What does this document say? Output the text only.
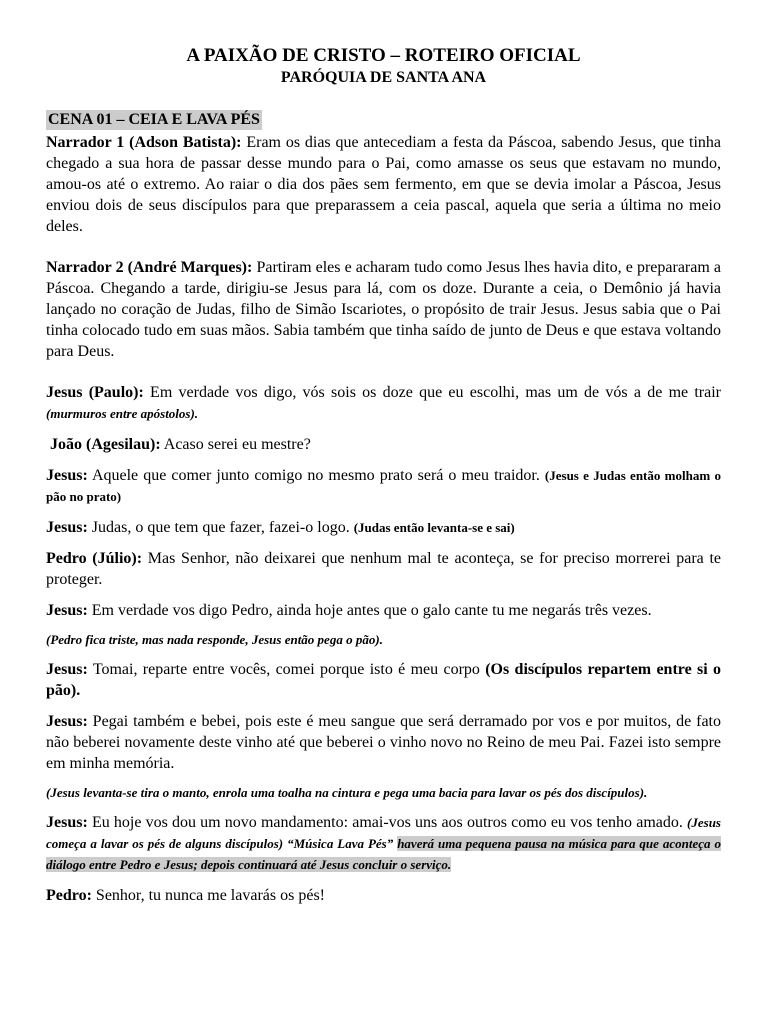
A PAIXÃO DE CRISTO – ROTEIRO OFICIAL
PARÓQUIA DE SANTA ANA
CENA 01 – CEIA E LAVA PÉS

Narrador 1 (Adson Batista): Eram os dias que antecediam a festa da Páscoa, sabendo Jesus, que tinha chegado a sua hora de passar desse mundo para o Pai, como amasse os seus que estavam no mundo, amou-os até o extremo. Ao raiar o dia dos pães sem fermento, em que se devia imolar a Páscoa, Jesus enviou dois de seus discípulos para que preparassem a ceia pascal, aquela que seria a última no meio deles.

Narrador 2 (André Marques): Partiram eles e acharam tudo como Jesus lhes havia dito, e prepararam a Páscoa. Chegando a tarde, dirigiu-se Jesus para lá, com os doze. Durante a ceia, o Demônio já havia lançado no coração de Judas, filho de Simão Iscariotes, o propósito de trair Jesus. Jesus sabia que o Pai tinha colocado tudo em suas mãos. Sabia também que tinha saído de junto de Deus e que estava voltando para Deus.

Jesus (Paulo): Em verdade vos digo, vós sois os doze que eu escolhi, mas um de vós a de me trair (murmuros entre apóstolos).

João (Agesilau): Acaso serei eu mestre?

Jesus: Aquele que comer junto comigo no mesmo prato será o meu traidor. (Jesus e Judas então molham o pão no prato)

Jesus: Judas, o que tem que fazer, fazei-o logo. (Judas então levanta-se e sai)

Pedro (Júlio): Mas Senhor, não deixarei que nenhum mal te aconteça, se for preciso morrerei para te proteger.

Jesus: Em verdade vos digo Pedro, ainda hoje antes que o galo cante tu me negarás três vezes.

(Pedro fica triste, mas nada responde, Jesus então pega o pão).

Jesus: Tomai, reparte entre vocês, comei porque isto é meu corpo (Os discípulos repartem entre si o pão).

Jesus: Pegai também e bebei, pois este é meu sangue que será derramado por vos e por muitos, de fato não beberei novamente deste vinho até que beberei o vinho novo no Reino de meu Pai. Fazei isto sempre em minha memória.

(Jesus levanta-se tira o manto, enrola uma toalha na cintura e pega uma bacia para lavar os pés dos discípulos).

Jesus: Eu hoje vos dou um novo mandamento: amai-vos uns aos outros como eu vos tenho amado. (Jesus começa a lavar os pés de alguns discípulos) “Música Lava Pés” haverá uma pequena pausa na música para que aconteça o diálogo entre Pedro e Jesus; depois continuará até Jesus concluir o serviço.

Pedro: Senhor, tu nunca me lavarás os pés!
